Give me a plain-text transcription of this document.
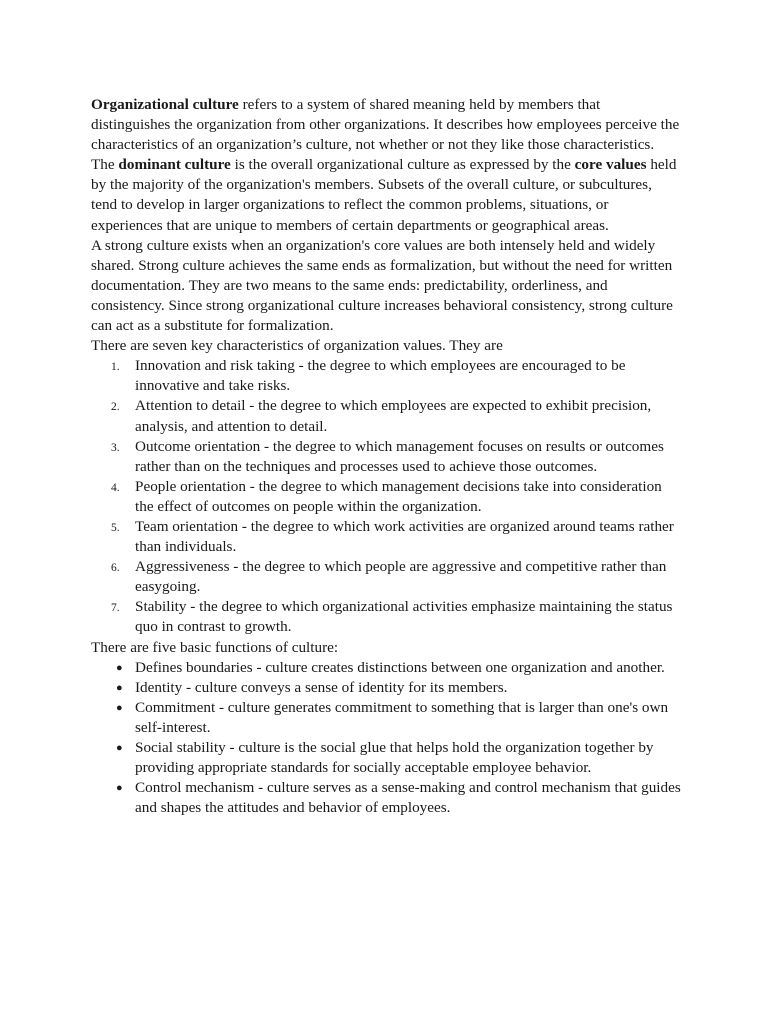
Organizational culture refers to a system of shared meaning held by members that distinguishes the organization from other organizations. It describes how employees perceive the characteristics of an organization’s culture, not whether or not they like those characteristics. The dominant culture is the overall organizational culture as expressed by the core values held by the majority of the organization's members. Subsets of the overall culture, or subcultures, tend to develop in larger organizations to reflect the common problems, situations, or experiences that are unique to members of certain departments or geographical areas.

A strong culture exists when an organization's core values are both intensely held and widely shared. Strong culture achieves the same ends as formalization, but without the need for written documentation. They are two means to the same ends: predictability, orderliness, and consistency. Since strong organizational culture increases behavioral consistency, strong culture can act as a substitute for formalization.

There are seven key characteristics of organization values. They are

1. Innovation and risk taking - the degree to which employees are encouraged to be innovative and take risks.
2. Attention to detail - the degree to which employees are expected to exhibit precision, analysis, and attention to detail.
3. Outcome orientation - the degree to which management focuses on results or outcomes rather than on the techniques and processes used to achieve those outcomes.
4. People orientation - the degree to which management decisions take into consideration the effect of outcomes on people within the organization.
5. Team orientation - the degree to which work activities are organized around teams rather than individuals.
6. Aggressiveness - the degree to which people are aggressive and competitive rather than easygoing.
7. Stability - the degree to which organizational activities emphasize maintaining the status quo in contrast to growth.

There are five basic functions of culture:

● Defines boundaries - culture creates distinctions between one organization and another.
● Identity - culture conveys a sense of identity for its members.
● Commitment - culture generates commitment to something that is larger than one's own self-interest.
● Social stability - culture is the social glue that helps hold the organization together by providing appropriate standards for socially acceptable employee behavior.
● Control mechanism - culture serves as a sense-making and control mechanism that guides and shapes the attitudes and behavior of employees.
